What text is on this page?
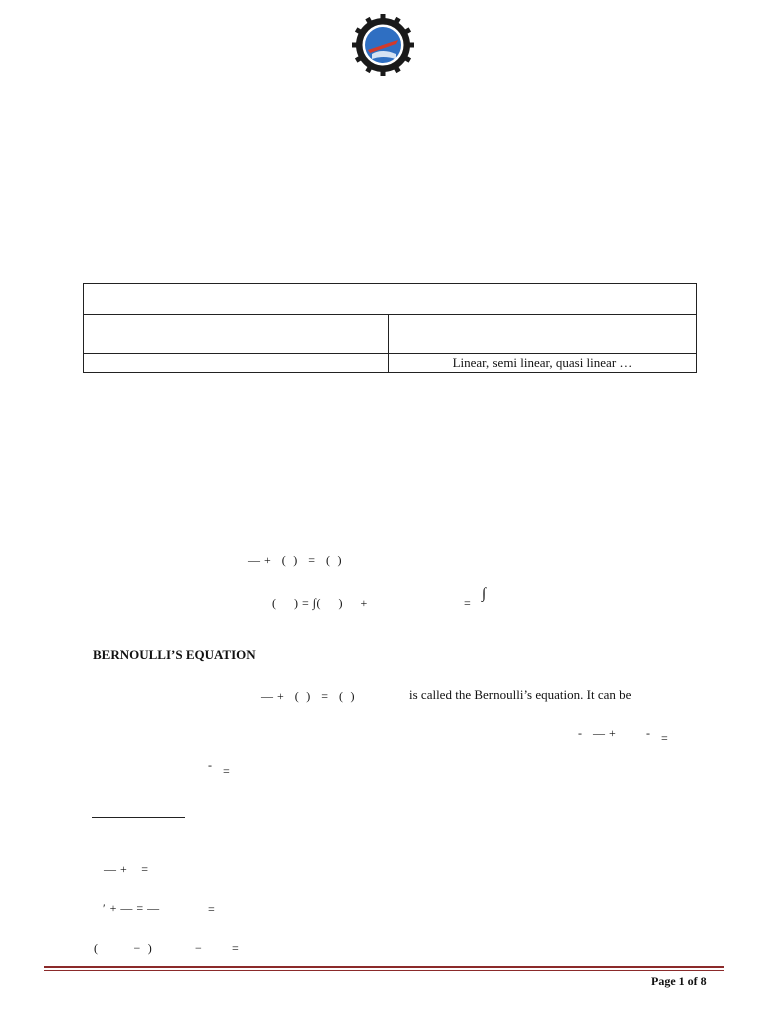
	Linear, semi linear, quasi linear …
— +   (  )   =   (  )
(     ) = ∫(     )     +	=
∫
BERNOULLI’S EQUATION
— +   (  )   =   (  )	is called the Bernoulli’s equation. It can be
-   — + - =
- =
— +    =
′ + — = —	=
(          −  )	− =
Page 1 of 8
